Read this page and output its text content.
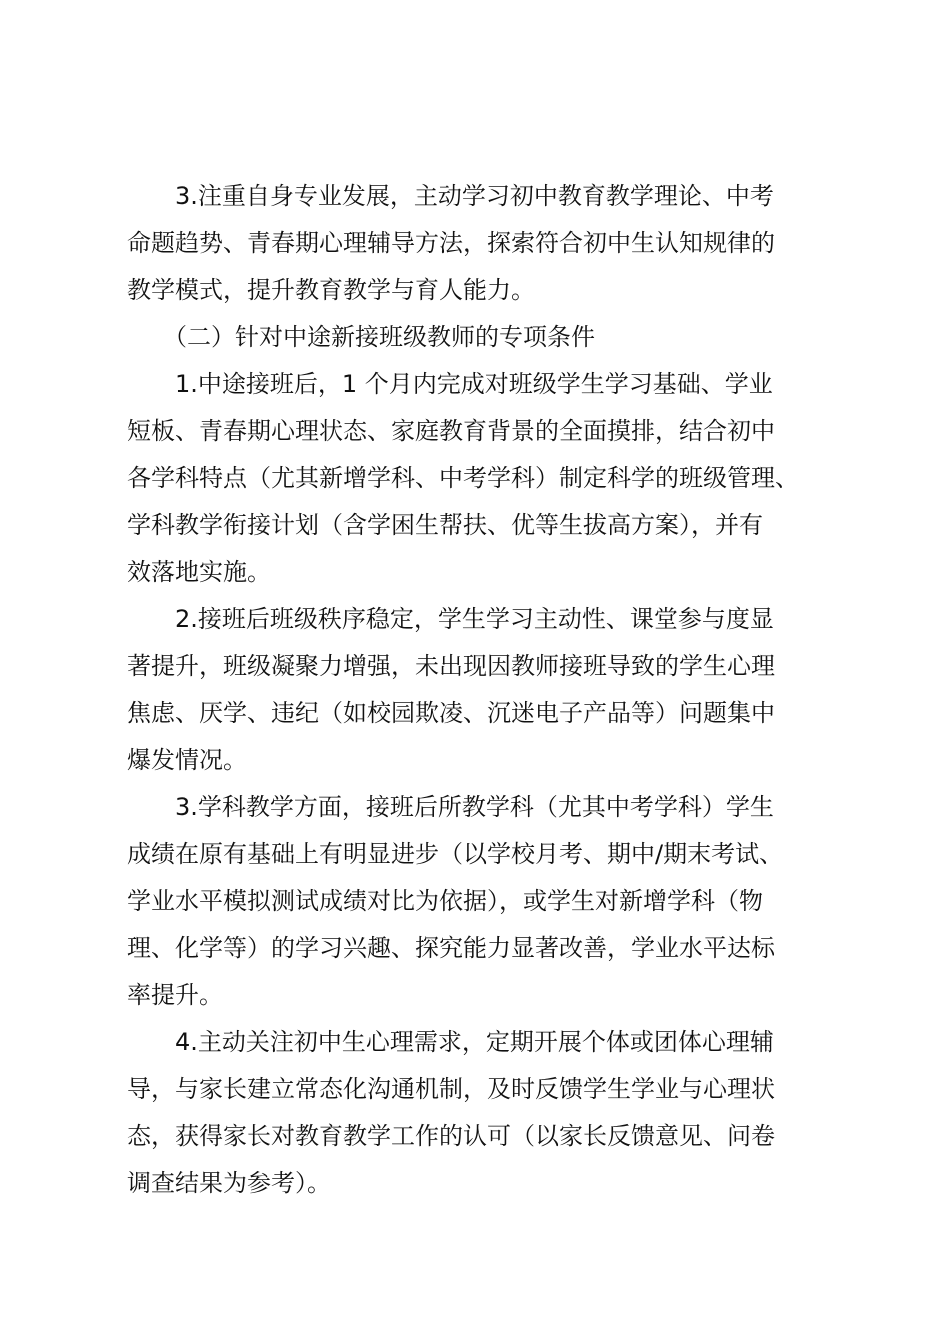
　　3.注重自身专业发展，主动学习初中教育教学理论、中考
命题趋势、青春期心理辅导方法，探索符合初中生认知规律的
教学模式，提升教育教学与育人能力。
　　（二）针对中途新接班级教师的专项条件
　　1.中途接班后，1 个月内完成对班级学生学习基础、学业
短板、青春期心理状态、家庭教育背景的全面摸排，结合初中
各学科特点（尤其新增学科、中考学科）制定科学的班级管理、
学科教学衔接计划（含学困生帮扶、优等生拔高方案），并有
效落地实施。
　　2.接班后班级秩序稳定，学生学习主动性、课堂参与度显
著提升，班级凝聚力增强，未出现因教师接班导致的学生心理
焦虑、厌学、违纪（如校园欺凌、沉迷电子产品等）问题集中
爆发情况。
　　3.学科教学方面，接班后所教学科（尤其中考学科）学生
成绩在原有基础上有明显进步（以学校月考、期中/期末考试、
学业水平模拟测试成绩对比为依据），或学生对新增学科（物
理、化学等）的学习兴趣、探究能力显著改善，学业水平达标
率提升。
　　4.主动关注初中生心理需求，定期开展个体或团体心理辅
导，与家长建立常态化沟通机制，及时反馈学生学业与心理状
态，获得家长对教育教学工作的认可（以家长反馈意见、问卷
调查结果为参考）。
